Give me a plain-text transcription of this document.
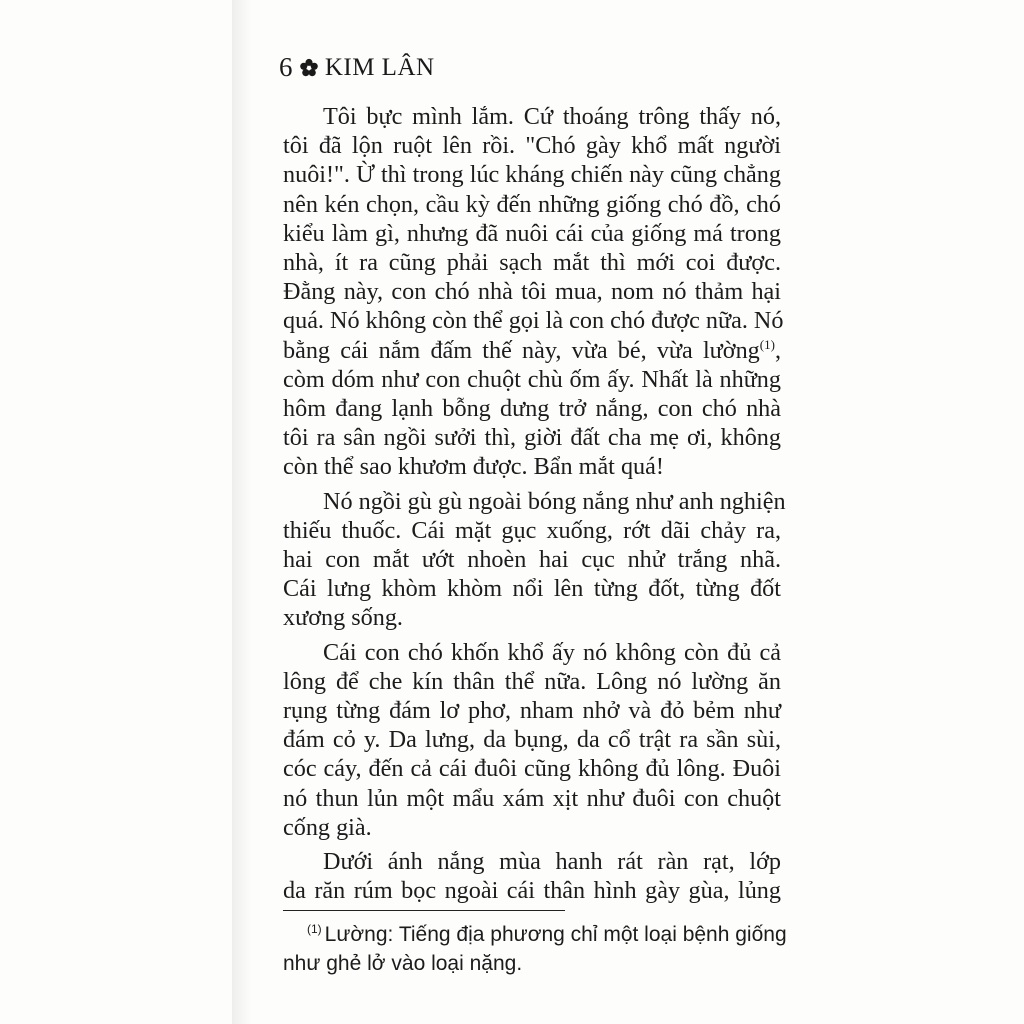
6 KIM LÂN
Tôi bực mình lắm. Cứ thoáng trông thấy nó,
tôi đã lộn ruột lên rồi. "Chó gày khổ mất người
nuôi!". Ừ thì trong lúc kháng chiến này cũng chẳng
nên kén chọn, cầu kỳ đến những giống chó đồ, chó
kiểu làm gì, nhưng đã nuôi cái của giống má trong
nhà, ít ra cũng phải sạch mắt thì mới coi được.
Đằng này, con chó nhà tôi mua, nom nó thảm hại
quá. Nó không còn thể gọi là con chó được nữa. Nó
bằng cái nắm đấm thế này, vừa bé, vừa lường$^{(1)}$,
còm dóm như con chuột chù ốm ấy. Nhất là những
hôm đang lạnh bỗng dưng trở nắng, con chó nhà
tôi ra sân ngồi sưởi thì, giời đất cha mẹ ơi, không
còn thể sao khươm được. Bẩn mắt quá!
Nó ngồi gù gù ngoài bóng nắng như anh nghiện
thiếu thuốc. Cái mặt gục xuống, rớt dãi chảy ra,
hai con mắt ướt nhoèn hai cục nhử trắng nhã.
Cái lưng khòm khòm nổi lên từng đốt, từng đốt
xương sống.
Cái con chó khốn khổ ấy nó không còn đủ cả
lông để che kín thân thể nữa. Lông nó lường ăn
rụng từng đám lơ phơ, nham nhở và đỏ bẻm như
đám cỏ y. Da lưng, da bụng, da cổ trật ra sần sùi,
cóc cáy, đến cả cái đuôi cũng không đủ lông. Đuôi
nó thun lủn một mẩu xám xịt như đuôi con chuột
cống già.
Dưới ánh nắng mùa hanh rát ràn rạt, lớp
da răn rúm bọc ngoài cái thân hình gày gùa, lủng
$^{(1)}$ Lường: Tiếng địa phương chỉ một loại bệnh giống
như ghẻ lở vào loại nặng.
